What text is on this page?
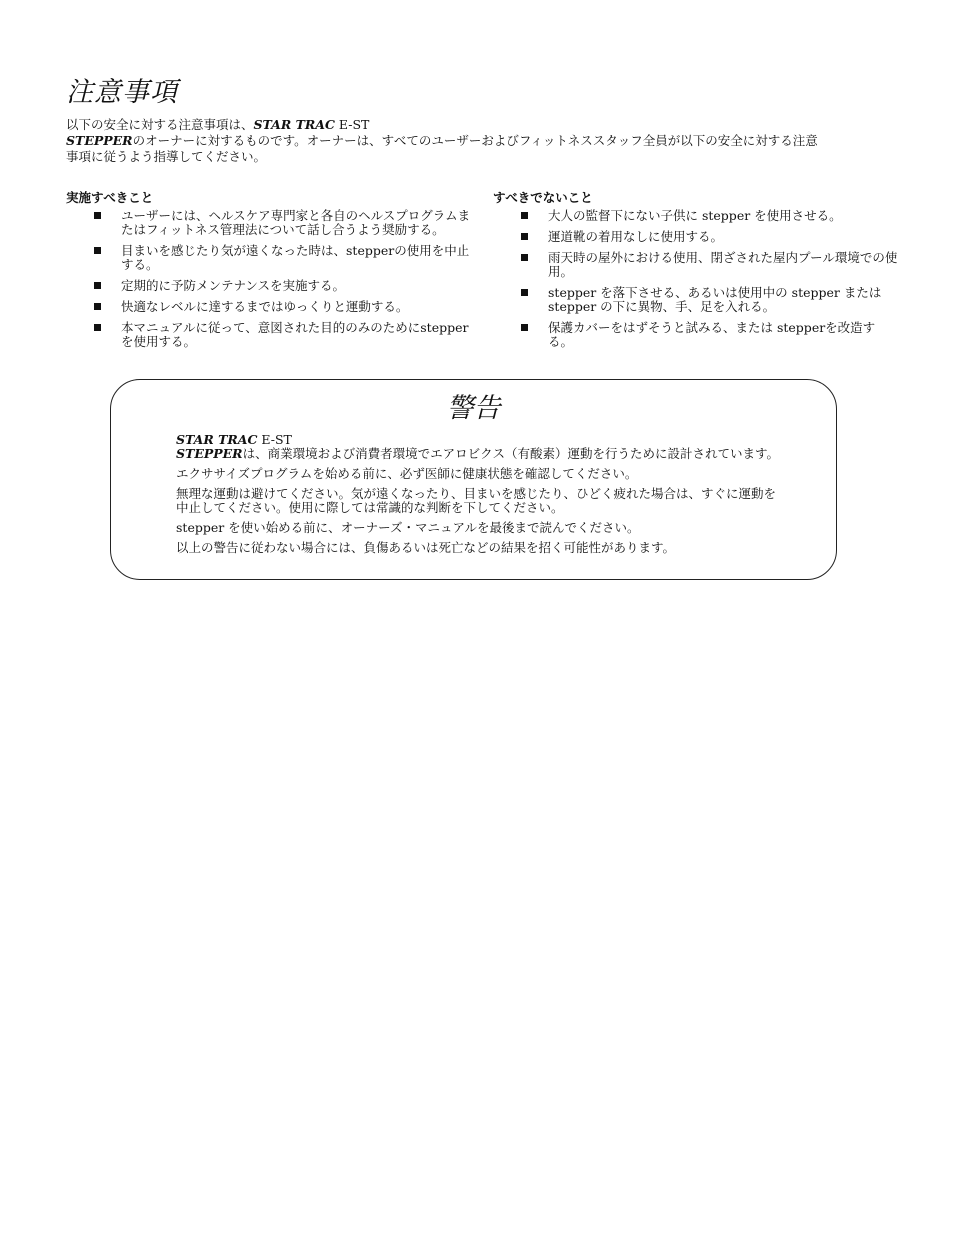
注意事項
以下の安全に対する注意事項は、STAR TRAC E-ST
STEPPERのオーナーに対するものです。オーナーは、すべてのユーザーおよびフィットネススタッフ全員が以下の安全に対する注意
事項に従うよう指導してください。
実施すべきこと
ユーザーには、ヘルスケア専門家と各自のヘルスプログラムまたはフィットネス管理法について話し合うよう奨励する。
目まいを感じたり気が遠くなった時は、stepperの使用を中止する。
定期的に予防メンテナンスを実施する。
快適なレベルに達するまではゆっくりと運動する。
本マニュアルに従って、意図された目的のみのためにstepper を使用する。
すべきでないこと
大人の監督下にない子供に stepper を使用させる。
運道靴の着用なしに使用する。
雨天時の屋外における使用、閉ざされた屋内プール環境での使用。
stepper を落下させる、あるいは使用中の stepper またはstepper の下に異物、手、足を入れる。
保護カバーをはずそうと試みる、または stepperを改造する。
警告

STAR TRAC E-ST
STEPPERは、商業環境および消費者環境でエアロビクス（有酸素）運動を行うために設計されています。

エクササイズプログラムを始める前に、必ず医師に健康状態を確認してください。

無理な運動は避けてください。気が遠くなったり、目まいを感じたり、ひどく疲れた場合は、すぐに運動を中止してください。使用に際しては常識的な判断を下してください。

stepper を使い始める前に、オーナーズ・マニュアルを最後まで読んでください。

以上の警告に従わない場合には、負傷あるいは死亡などの結果を招く可能性があります。
